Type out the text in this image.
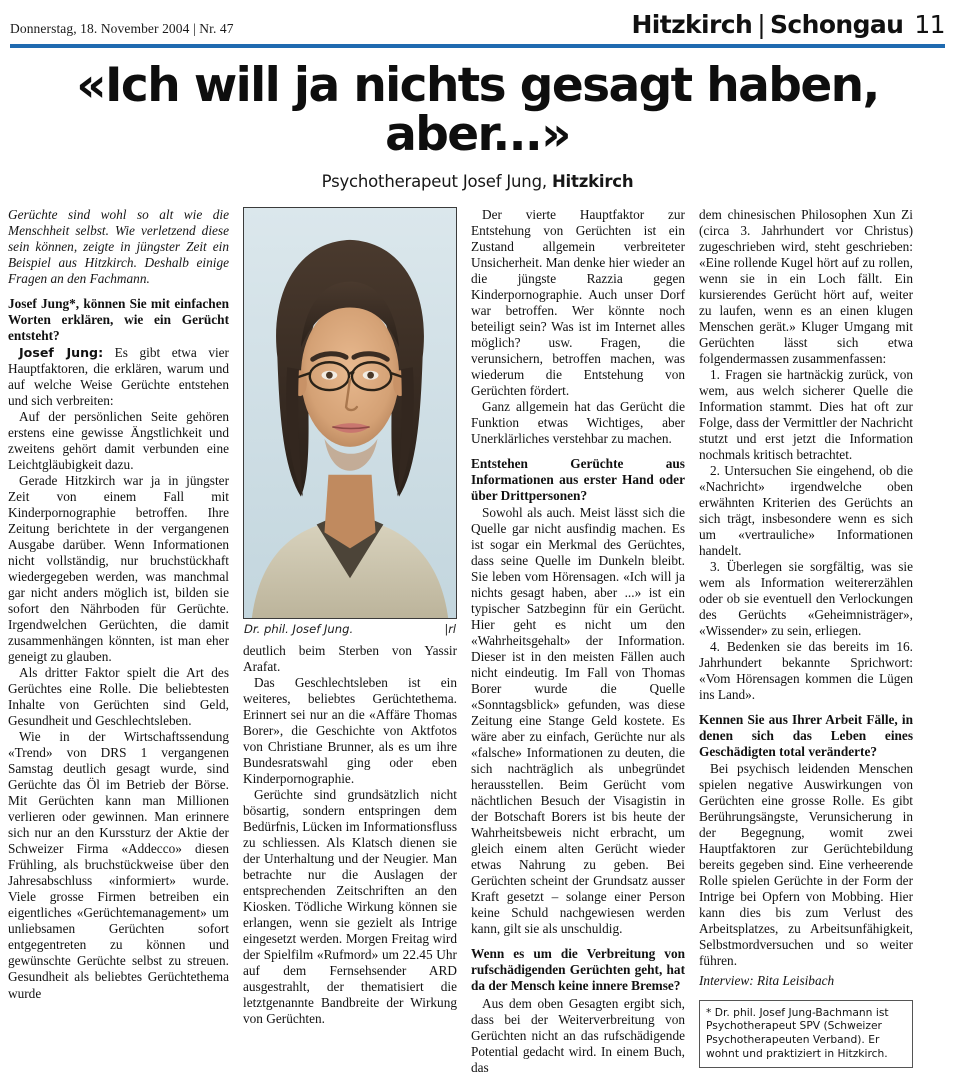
Donnerstag, 18. November 2004 | Nr. 47	Hitzkirch | Schongau 11
«Ich will ja nichts gesagt haben, aber...»
Psychotherapeut Josef Jung, Hitzkirch

Gerüchte sind wohl so alt wie die Menschheit selbst. Wie verletzend diese sein können, zeigte in jüngster Zeit ein Beispiel aus Hitzkirch. Deshalb einige Fragen an den Fachmann.

Josef Jung*, können Sie mit einfachen Worten erklären, wie ein Gerücht entsteht?

Josef Jung: Es gibt etwa vier Hauptfaktoren, die erklären, warum und auf welche Weise Gerüchte entstehen und sich verbreiten:

Auf der persönlichen Seite gehören erstens eine gewisse Ängstlichkeit und zweitens gehört damit verbunden eine Leichtgläubigkeit dazu.

Gerade Hitzkirch war ja in jüngster Zeit von einem Fall mit Kinderpornographie betroffen. Ihre Zeitung berichtete in der vergangenen Ausgabe darüber. Wenn Informationen nicht vollständig, nur bruchstückhaft wiedergegeben werden, was manchmal gar nicht anders möglich ist, bilden sie sofort den Nährboden für Gerüchte. Irgendwelchen Gerüchten, die damit zusammenhängen könnten, ist man eher geneigt zu glauben.

Als dritter Faktor spielt die Art des Gerüchtes eine Rolle. Die beliebtesten Inhalte von Gerüchten sind Geld, Gesundheit und Geschlechtsleben.

Wie in der Wirtschaftssendung «Trend» von DRS 1 vergangenen Samstag deutlich gesagt wurde, sind Gerüchte das Öl im Betrieb der Börse. Mit Gerüchten kann man Millionen verlieren oder gewinnen. Man erinnere sich nur an den Kurssturz der Aktie der Schweizer Firma «Addecco» diesen Frühling, als bruchstückweise über den Jahresabschluss «informiert» wurde. Viele grosse Firmen betreiben ein eigentliches «Gerüchtemanagement» um unliebsamen Gerüchten sofort entgegentreten zu können und gewünschte Gerüchte selbst zu streuen. Gesundheit als beliebtes Gerüchtethema wurde

Dr. phil. Josef Jung.	|rl

deutlich beim Sterben von Yassir Arafat.

Das Geschlechtsleben ist ein weiteres, beliebtes Gerüchtethema. Erinnert sei nur an die «Affäre Thomas Borer», die Geschichte von Aktfotos von Christiane Brunner, als es um ihre Bundesratswahl ging oder eben Kinderpornographie.

Gerüchte sind grundsätzlich nicht bösartig, sondern entspringen dem Bedürfnis, Lücken im Informationsfluss zu schliessen. Als Klatsch dienen sie der Unterhaltung und der Neugier. Man betrachte nur die Auslagen der entsprechenden Zeitschriften an den Kiosken. Tödliche Wirkung können sie erlangen, wenn sie gezielt als Intrige eingesetzt werden. Morgen Freitag wird der Spielfilm «Rufmord» um 22.45 Uhr auf dem Fernsehsender ARD ausgestrahlt, der thematisiert die letztgenannte Bandbreite der Wirkung von Gerüchten.

Der vierte Hauptfaktor zur Entstehung von Gerüchten ist ein Zustand allgemein verbreiteter Unsicherheit. Man denke hier wieder an die jüngste Razzia gegen Kinderpornographie. Auch unser Dorf war betroffen. Wer könnte noch beteiligt sein? Was ist im Internet alles möglich? usw. Fragen, die verunsichern, betroffen machen, was wiederum die Entstehung von Gerüchten fördert.

Ganz allgemein hat das Gerücht die Funktion etwas Wichtiges, aber Unerklärliches verstehbar zu machen.

Entstehen Gerüchte aus Informationen aus erster Hand oder über Drittpersonen?

Sowohl als auch. Meist lässt sich die Quelle gar nicht ausfindig machen. Es ist sogar ein Merkmal des Gerüchtes, dass seine Quelle im Dunkeln bleibt. Sie leben vom Hörensagen. «Ich will ja nichts gesagt haben, aber ...» ist ein typischer Satzbeginn für ein Gerücht. Hier geht es nicht um den «Wahrheitsgehalt» der Information. Dieser ist in den meisten Fällen auch nicht eindeutig. Im Fall von Thomas Borer wurde die Quelle «Sonntagsblick» gefunden, was diese Zeitung eine Stange Geld kostete. Es wäre aber zu einfach, Gerüchte nur als «falsche» Informationen zu deuten, die sich nachträglich als unbegründet herausstellen. Beim Gerücht vom nächtlichen Besuch der Visagistin in der Botschaft Borers ist bis heute der Wahrheitsbeweis nicht erbracht, um gleich einem alten Gerücht wieder etwas Nahrung zu geben. Bei Gerüchten scheint der Grundsatz ausser Kraft gesetzt – solange einer Person keine Schuld nachgewiesen werden kann, gilt sie als unschuldig.

Wenn es um die Verbreitung von rufschädigenden Gerüchten geht, hat da der Mensch keine innere Bremse?

Aus dem oben Gesagten ergibt sich, dass bei der Weiterverbreitung von Gerüchten nicht an das rufschädigende Potential gedacht wird. In einem Buch, das

dem chinesischen Philosophen Xun Zi (circa 3. Jahrhundert vor Christus) zugeschrieben wird, steht geschrieben: «Eine rollende Kugel hört auf zu rollen, wenn sie in ein Loch fällt. Ein kursierendes Gerücht hört auf, weiter zu laufen, wenn es an einen klugen Menschen gerät.» Kluger Umgang mit Gerüchten lässt sich etwa folgendermassen zusammenfassen:

1. Fragen sie hartnäckig zurück, von wem, aus welch sicherer Quelle die Information stammt. Dies hat oft zur Folge, dass der Vermittler der Nachricht stutzt und erst jetzt die Information nochmals kritisch betrachtet.

2. Untersuchen Sie eingehend, ob die «Nachricht» irgendwelche oben erwähnten Kriterien des Gerüchts an sich trägt, insbesondere wenn es sich um «vertrauliche» Informationen handelt.

3. Überlegen sie sorgfältig, was sie wem als Information weitererzählen oder ob sie eventuell den Verlockungen des Gerüchts «Geheimnisträger», «Wissender» zu sein, erliegen.

4. Bedenken sie das bereits im 16. Jahrhundert bekannte Sprichwort: «Vom Hörensagen kommen die Lügen ins Land».

Kennen Sie aus Ihrer Arbeit Fälle, in denen sich das Leben eines Geschädigten total veränderte?

Bei psychisch leidenden Menschen spielen negative Auswirkungen von Gerüchten eine grosse Rolle. Es gibt Berührungsängste, Verunsicherung in der Begegnung, womit zwei Hauptfaktoren zur Gerüchtebildung bereits gegeben sind. Eine verheerende Rolle spielen Gerüchte in der Form der Intrige bei Opfern von Mobbing. Hier kann dies bis zum Verlust des Arbeitsplatzes, zu Arbeitsunfähigkeit, Selbstmordversuchen und so weiter führen.

Interview: Rita Leisibach

* Dr. phil. Josef Jung-Bachmann ist Psychotherapeut SPV (Schweizer Psychotherapeuten Verband). Er wohnt und praktiziert in Hitzkirch.
